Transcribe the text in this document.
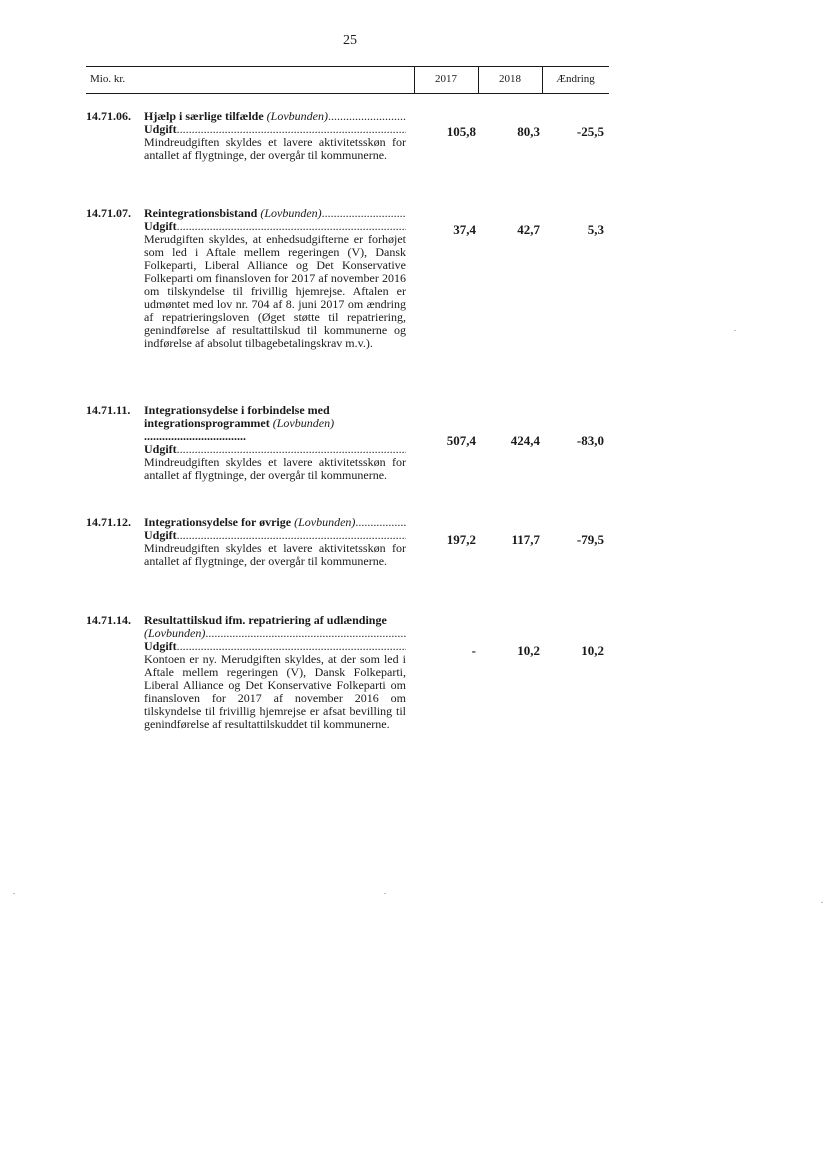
25
Mio. kr.	2017	2018	Ændring
14.71.06.	Hjælp i særlige tilfælde
(Lovbunden)
.....
Udgift
.....
Mindreudgiften skyldes et lavere aktivitetsskøn for antallet af flygtninge, der overgår til kommunerne.
105,8	80,3	-25,5
14.71.07.	Reintegrationsbistand
(Lovbunden)
.....
Udgift
.....
Merudgiften skyldes, at enhedsudgifterne er forhøjet som led i Aftale mellem regeringen (V), Dansk Folkeparti, Liberal Alliance og Det Konservative Folkeparti om finansloven for 2017 af november 2016 om tilskyndelse til frivillig hjemrejse. Aftalen er udmøntet med lov nr. 704 af 8. juni 2017 om ændring af repatrieringsloven (Øget støtte til repatriering, genindførelse af resultattilskud til kommunerne og indførelse af absolut tilbagebetalingskrav m.v.).
37,4	42,7	5,3
14.71.11.	Integrationsydelse i forbindelse med integrationsprogrammet (Lovbunden) ..................................
Udgift
.....
Mindreudgiften skyldes et lavere aktivitetsskøn for antallet af flygtninge, der overgår til kommunerne.
507,4	424,4	-83,0
14.71.12.	Integrationsydelse for øvrige
(Lovbunden)
.....
Udgift
.....
Mindreudgiften skyldes et lavere aktivitetsskøn for antallet af flygtninge, der overgår til kommunerne.
197,2	117,7	-79,5
14.71.14.	Resultattilskud ifm. repatriering af udlændinge
(Lovbunden)
.....
Udgift
.....
Kontoen er ny. Merudgiften skyldes, at der som led i Aftale mellem regeringen (V), Dansk Folkeparti, Liberal Alliance og Det Konservative Folkeparti om finansloven for 2017 af november 2016 om tilskyndelse til frivillig hjemrejse er afsat bevilling til genindførelse af resultattilskuddet til kommunerne.
-	10,2	10,2
